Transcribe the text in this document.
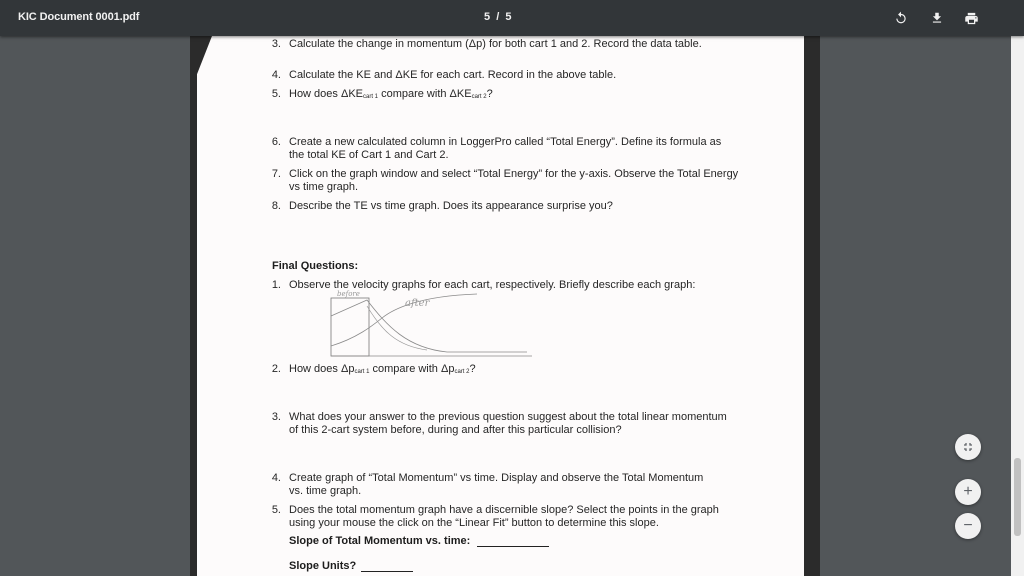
KIC Document 0001.pdf	5 / 5
3. Calculate the change in momentum (Δp) for both cart 1 and 2. Record the data table.
4. Calculate the KE and ΔKE for each cart. Record in the above table.
5. How does $\Delta KE_{cart 1}$ compare with $\Delta KE_{cart 2}$?
6. Create a new calculated column in LoggerPro called “Total Energy”. Define its formula as the total KE of Cart 1 and Cart 2.
7. Click on the graph window and select “Total Energy” for the y-axis. Observe the Total Energy vs time graph.
8. Describe the TE vs time graph. Does its appearance surprise you?
Final Questions:
1. Observe the velocity graphs for each cart, respectively. Briefly describe each graph:
before
after
2. How does $\Delta p_{cart 1}$ compare with $\Delta p_{cart 2}$?
3. What does your answer to the previous question suggest about the total linear momentum of this 2-cart system before, during and after this particular collision?
4. Create graph of “Total Momentum” vs time. Display and observe the Total Momentum vs. time graph.
5. Does the total momentum graph have a discernible slope? Select the points in the graph using your mouse the click on the “Linear Fit” button to determine this slope.
Slope of Total Momentum vs. time:
Slope Units?
+
−
